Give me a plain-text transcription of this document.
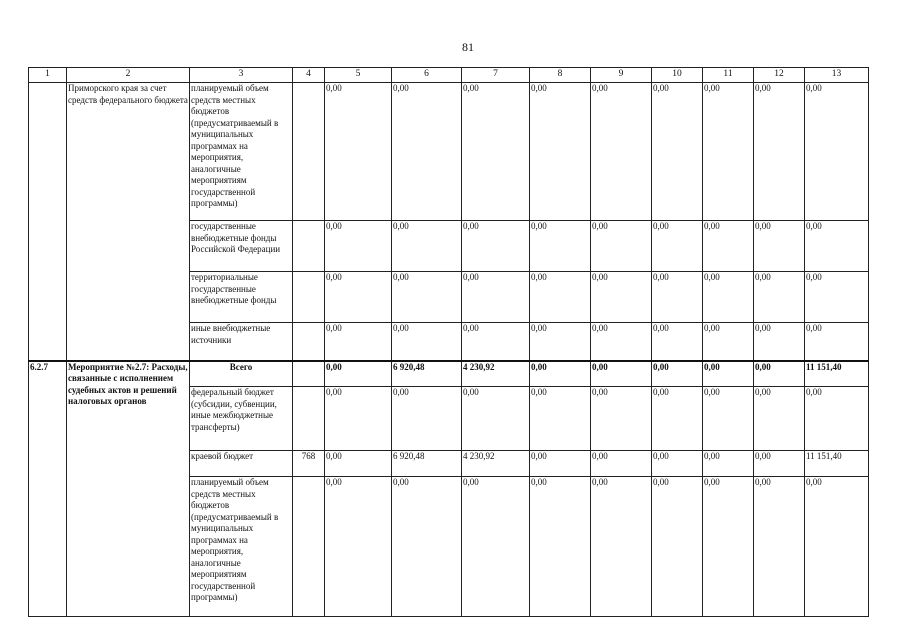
81
1	2	3	4	5	6	7	8	9	10	11	12	13
	Приморского края за счет средств федерального бюджета	планируемый объем средств местных бюджетов (предусматриваемый в муниципальных программах на мероприятия, аналогичные мероприятиям государственной программы)		0,00	0,00	0,00	0,00	0,00	0,00	0,00	0,00	0,00
		государственные внебюджетные фонды Российской Федерации		0,00	0,00	0,00	0,00	0,00	0,00	0,00	0,00	0,00
		территориальные государственные внебюджетные фонды		0,00	0,00	0,00	0,00	0,00	0,00	0,00	0,00	0,00
		иные внебюджетные источники		0,00	0,00	0,00	0,00	0,00	0,00	0,00	0,00	0,00
6.2.7	Мероприятие №2.7: Расходы, связанные с исполнением судебных актов и решений налоговых органов	Всего		0,00	6 920,48	4 230,92	0,00	0,00	0,00	0,00	0,00	11 151,40
		федеральный бюджет (субсидии, субвенции, иные межбюджетные трансферты)		0,00	0,00	0,00	0,00	0,00	0,00	0,00	0,00	0,00
		краевой бюджет	768	0,00	6 920,48	4 230,92	0,00	0,00	0,00	0,00	0,00	11 151,40
		планируемый объем средств местных бюджетов (предусматриваемый в муниципальных программах на мероприятия, аналогичные мероприятиям государственной программы)		0,00	0,00	0,00	0,00	0,00	0,00	0,00	0,00	0,00
